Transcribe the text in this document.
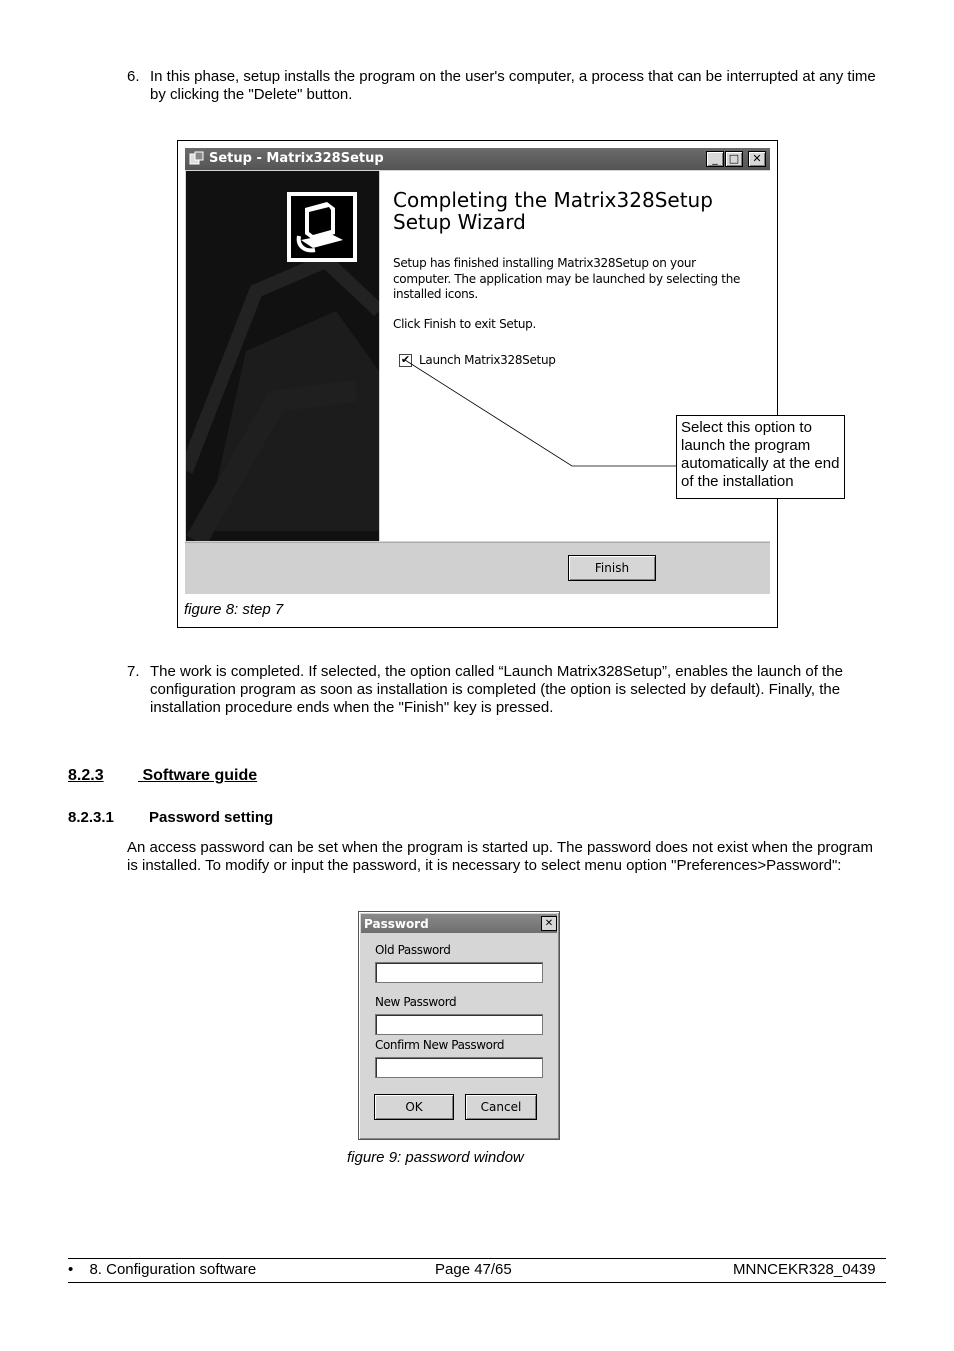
6. In this phase, setup installs the program on the user's computer, a process that can be interrupted at any time by clicking the "Delete" button.
Setup - Matrix328Setup	_	□	✕
Completing the Matrix328Setup Setup Wizard
Setup has finished installing Matrix328Setup on your computer. The application may be launched by selecting the installed icons.
Click Finish to exit Setup.
✔ Launch Matrix328Setup
Finish
Select this option to launch the program automatically at the end of the installation
figure 8: step 7
7. The work is completed. If selected, the option called “Launch Matrix328Setup”, enables the launch of the configuration program as soon as installation is completed (the option is selected by default). Finally, the installation procedure ends when the "Finish" key is pressed.
8.2.3 Software guide
8.2.3.1 Password setting
An access password can be set when the program is started up. The password does not exist when the program is installed. To modify or input the password, it is necessary to select menu option "Preferences>Password":
Password	✕
Old Password
New Password
Confirm New Password
OK	Cancel
figure 9: password window
• 8. Configuration software	Page 47/65	MNNCEKR328_0439
